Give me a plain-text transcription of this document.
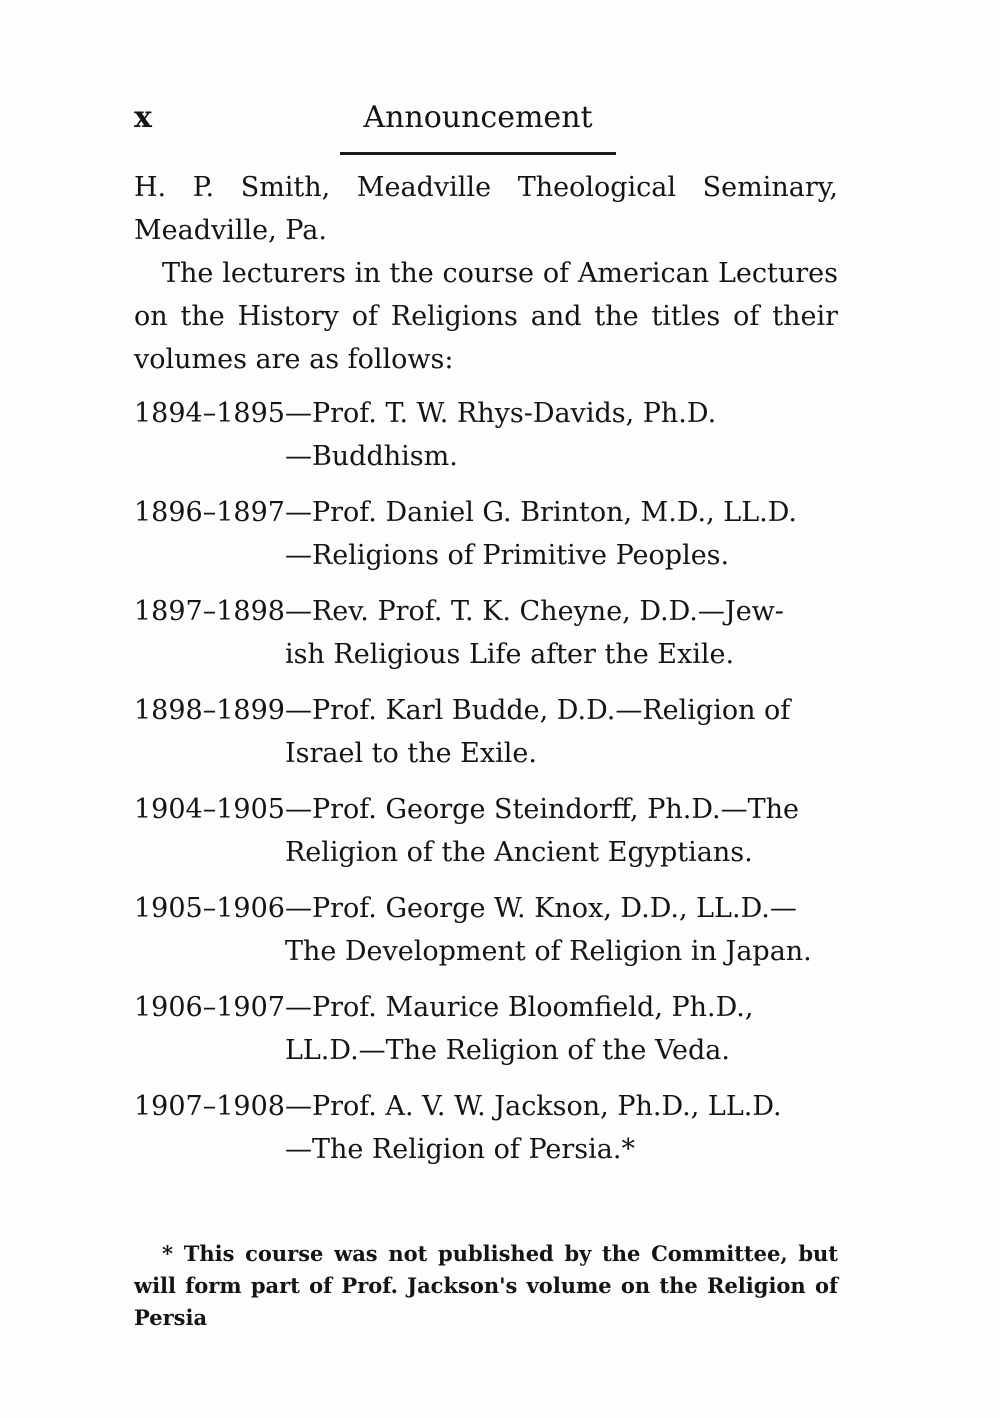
x	Announcement

H. P. Smith, Meadville Theological Seminary, Meadville, Pa.

The lecturers in the course of American Lectures on the History of Religions and the titles of their volumes are as follows:

1894–1895 —Prof. T. W. Rhys-Davids, Ph.D.
—Buddhism.
1896–1897 —Prof. Daniel G. Brinton, M.D., LL.D.
—Religions of Primitive Peoples.
1897–1898 —Rev. Prof. T. K. Cheyne, D.D.—Jew-
ish Religious Life after the Exile.
1898–1899 —Prof. Karl Budde, D.D.—Religion of
Israel to the Exile.
1904–1905 —Prof. George Steindorff, Ph.D.—The
Religion of the Ancient Egyptians.
1905–1906 —Prof. George W. Knox, D.D., LL.D.—
The Development of Religion in Japan.
1906–1907 —Prof. Maurice Bloomfield, Ph.D.,
LL.D.—The Religion of the Veda.
1907–1908 —Prof. A. V. W. Jackson, Ph.D., LL.D.
—The Religion of Persia.*
* This course was not published by the Committee, but will form part of Prof. Jackson's volume on the Religion of Persia
